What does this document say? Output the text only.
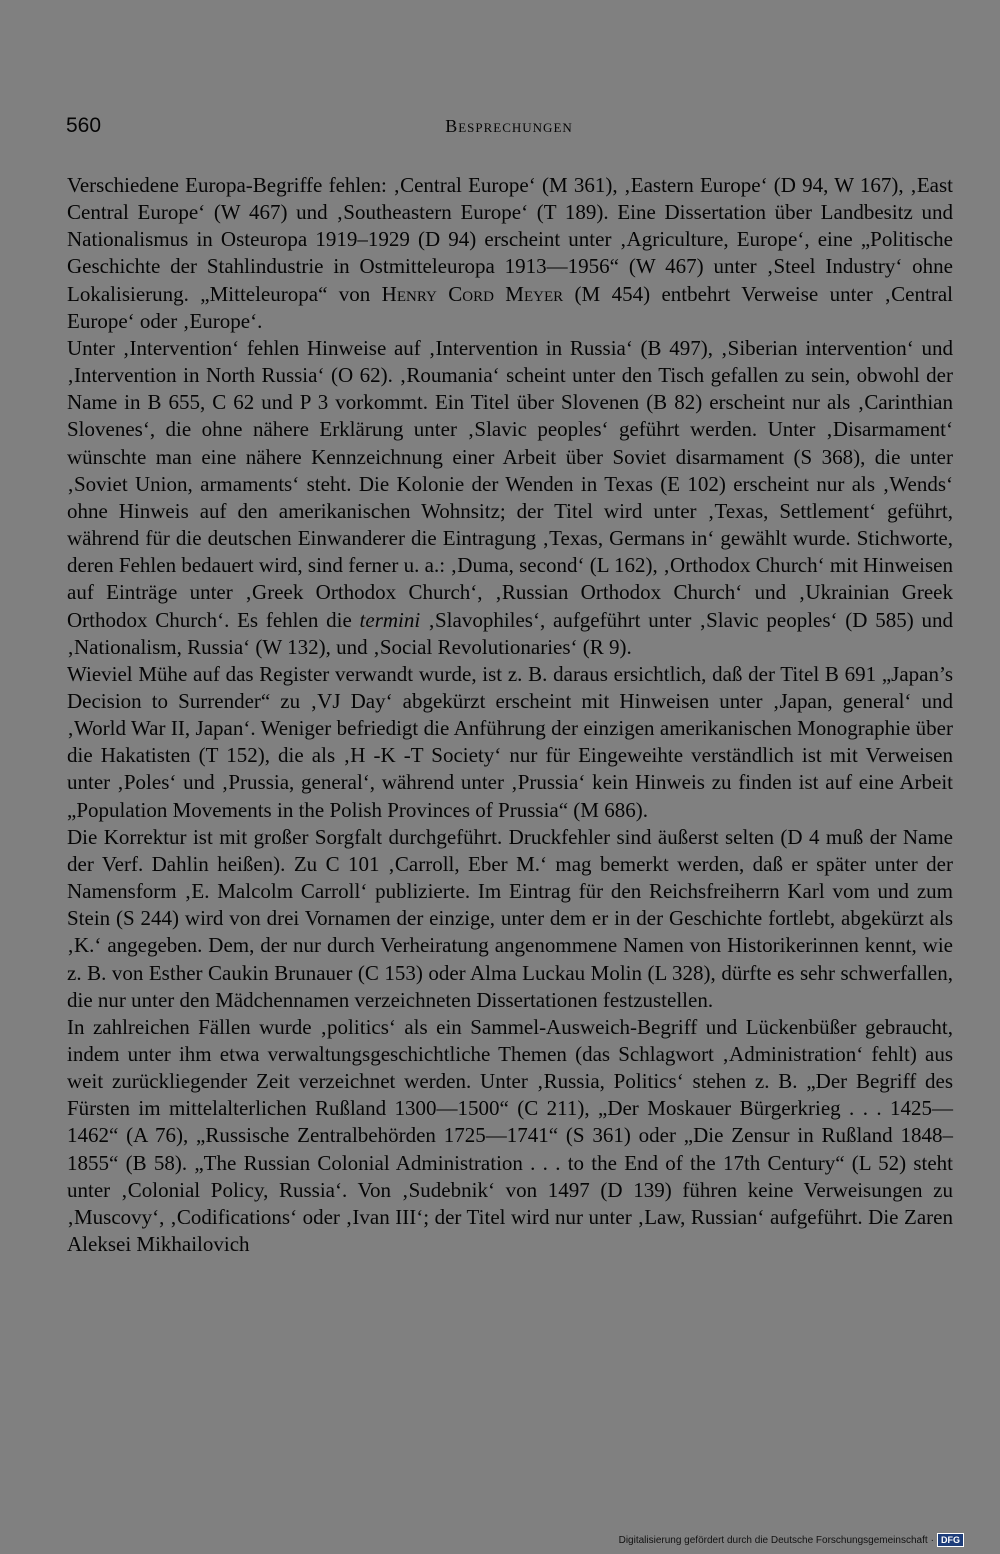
560	Besprechungen

Verschiedene Europa-Begriffe fehlen: ‚Central Europe‘ (M 361), ‚Eastern Europe‘ (D 94, W 167), ‚East Central Europe‘ (W 467) und ‚Southeastern Europe‘ (T 189). Eine Dissertation über Landbesitz und Nationalismus in Osteuropa 1919–1929 (D 94) erscheint unter ‚Agriculture, Europe‘, eine „Politische Geschichte der Stahlindustrie in Ostmitteleuropa 1913—1956“ (W 467) unter ‚Steel Industry‘ ohne Lokalisierung. „Mitteleuropa“ von Henry Cord Meyer (M 454) entbehrt Verweise unter ‚Central Europe‘ oder ‚Europe‘.

Unter ‚Intervention‘ fehlen Hinweise auf ‚Intervention in Russia‘ (B 497), ‚Siberian intervention‘ und ‚Intervention in North Russia‘ (O 62). ‚Roumania‘ scheint unter den Tisch gefallen zu sein, obwohl der Name in B 655, C 62 und P 3 vorkommt. Ein Titel über Slovenen (B 82) erscheint nur als ‚Carinthian Slovenes‘, die ohne nähere Erklärung unter ‚Slavic peoples‘ geführt werden. Unter ‚Disarmament‘ wünschte man eine nähere Kennzeichnung einer Arbeit über Soviet disarmament (S 368), die unter ‚Soviet Union, armaments‘ steht. Die Kolonie der Wenden in Texas (E 102) erscheint nur als ‚Wends‘ ohne Hinweis auf den amerikanischen Wohnsitz; der Titel wird unter ‚Texas, Settlement‘ geführt, während für die deutschen Einwanderer die Eintragung ‚Texas, Germans in‘ gewählt wurde. Stichworte, deren Fehlen bedauert wird, sind ferner u. a.: ‚Duma, second‘ (L 162), ‚Orthodox Church‘ mit Hinweisen auf Einträge unter ‚Greek Orthodox Church‘, ‚Russian Orthodox Church‘ und ‚Ukrainian Greek Orthodox Church‘. Es fehlen die termini ‚Slavophiles‘, aufgeführt unter ‚Slavic peoples‘ (D 585) und ‚Nationalism, Russia‘ (W 132), und ‚Social Revolutionaries‘ (R 9).

Wieviel Mühe auf das Register verwandt wurde, ist z. B. daraus ersichtlich, daß der Titel B 691 „Japan’s Decision to Surrender“ zu ‚VJ Day‘ abgekürzt erscheint mit Hinweisen unter ‚Japan, general‘ und ‚World War II, Japan‘. Weniger befriedigt die Anführung der einzigen amerikanischen Monographie über die Hakatisten (T 152), die als ‚H -K -T Society‘ nur für Eingeweihte verständlich ist mit Verweisen unter ‚Poles‘ und ‚Prussia, general‘, während unter ‚Prussia‘ kein Hinweis zu finden ist auf eine Arbeit „Population Movements in the Polish Provinces of Prussia“ (M 686).

Die Korrektur ist mit großer Sorgfalt durchgeführt. Druckfehler sind äußerst selten (D 4 muß der Name der Verf. Dahlin heißen). Zu C 101 ‚Carroll, Eber M.‘ mag bemerkt werden, daß er später unter der Namensform ‚E. Malcolm Carroll‘ publizierte. Im Eintrag für den Reichsfreiherrn Karl vom und zum Stein (S 244) wird von drei Vornamen der einzige, unter dem er in der Geschichte fortlebt, abgekürzt als ‚K.‘ angegeben. Dem, der nur durch Verheiratung angenommene Namen von Historikerinnen kennt, wie z. B. von Esther Caukin Brunauer (C 153) oder Alma Luckau Molin (L 328), dürfte es sehr schwerfallen, die nur unter den Mädchennamen verzeichneten Dissertationen festzustellen.

In zahlreichen Fällen wurde ‚politics‘ als ein Sammel-Ausweich-Begriff und Lückenbüßer gebraucht, indem unter ihm etwa verwaltungsgeschichtliche Themen (das Schlagwort ‚Administration‘ fehlt) aus weit zurückliegender Zeit verzeichnet werden. Unter ‚Russia, Politics‘ stehen z. B. „Der Begriff des Fürsten im mittelalterlichen Rußland 1300—1500“ (C 211), „Der Moskauer Bürgerkrieg . . . 1425—1462“ (A 76), „Russische Zentralbehörden 1725—1741“ (S 361) oder „Die Zensur in Rußland 1848–1855“ (B 58). „The Russian Colonial Administration . . . to the End of the 17th Century“ (L 52) steht unter ‚Colonial Policy, Russia‘. Von ‚Sudebnik‘ von 1497 (D 139) führen keine Verweisungen zu ‚Muscovy‘, ‚Codifications‘ oder ‚Ivan III‘; der Titel wird nur unter ‚Law, Russian‘ aufgeführt. Die Zaren Aleksei Mikhailovich

Digitalisierung gefördert durch die Deutsche Forschungsgemeinschaft · DFG
